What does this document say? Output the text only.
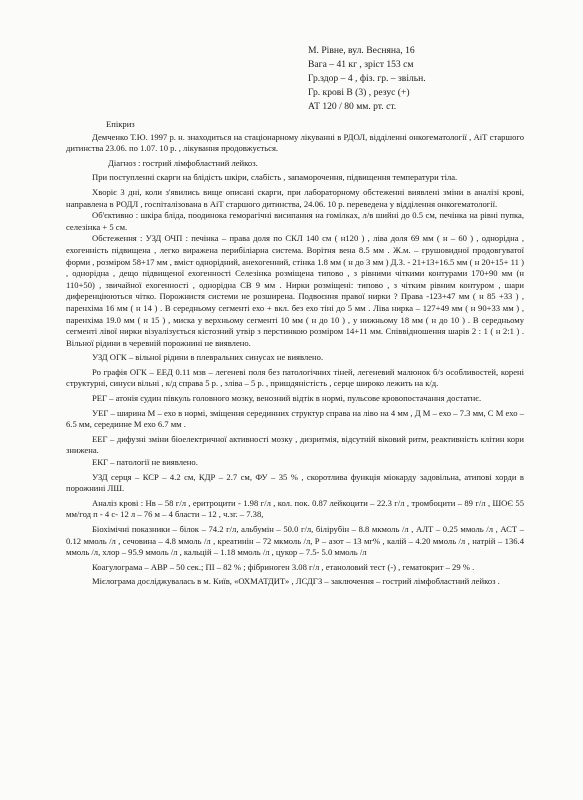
М. Рівне, вул. Весняна, 16
Вага – 41 кг , зріст 153 см
Гр.здор – 4 , фіз. гр. – звільн.
Гр. крові В (3) , резус (+)
АТ 120 / 80 мм. рт. ст.

Епікриз

Демченко Т.Ю. 1997 р. н. знаходиться на стаціонарному лікуванні в РДОЛ, відділенні онкогематології , АіТ старшого дитинства 23.06. по 1.07. 10 р. , лікування продовжується.

Діагноз : гострий лімфобластний лейкоз.

При поступленні скарги на блідість шкіри, слабість , запаморочення, підвищення температури тіла.

Хворіє 3 дні, коли з'явились вище описані скарги, при лабораторному обстеженні виявлені зміни в аналізі крові, направлена в РОДЛ , госпіталізована в АіТ старшого дитинства, 24.06. 10 р. переведена у відділення онкогематології.

Об'єктивно : шкіра бліда, поодинока геморагічні висипання на гомілках, л/в шийні до 0.5 см, печінка на рівні пупка, селезінка + 5 см.

Обстеження : УЗД ОЧП : печінка – права доля по СКЛ 140 см ( н120 ) , ліва доля 69 мм ( н – 60 ) , однорідна , ехогенність підвищена , легко виражена перибіліарна система. Ворітня вена 8.5 мм . Ж.м. – грушовидної продовгуватої форми , розміром 58+17 мм , вміст однорідний, анехогенний, стінка 1.8 мм ( н до 3 мм ) Д.З. - 21+13+16.5 мм ( н 20+15+ 11 ) , однорідна , дещо підвищеної ехогенності Селезінка розміщена типово , з рівними чіткими контурами 170+90 мм (н 110+50) , звичайної ехогенності , однорідна СВ 9 мм . Нирки розміщені: типово , з чітким рівним контуром , шари диференціюються чітко. Порожнистя системи не розширена. Подвоєння правої нирки ? Права -123+47 мм ( н 85 +33 ) , паренхіма 16 мм ( н 14 ) . В середньому сегменті ехо + вкл. без ехо тіні до 5 мм . Ліва нирка – 127+49 мм ( н 90+33 мм ) , паренхіма 19.0 мм ( н 15 ) , миска у верхньому сегменті 10 мм ( н до 10 ) , у нижньому 18 мм ( н до 10 ) . В середньому сегменті лівої нирки візуалізується кістозний утвір з перстинкою розміром 14+11 мм. Співвідношення шарів 2 : 1 ( н 2:1 ) . Вільної рідини в черевній порожнині не виявлено.

УЗД ОГК – вільної рідини в плевральних синусах не виявлено.

Ро графія ОГК – ЕЕД 0.11 мзв – легеневі поля без патологічних тіней, легеневий малюнок б/з особливостей, корені структурні, синуси вільні , к/д справа 5 р. , зліва – 5 р. , пришдяністість , серце широко лежить на к/д.

РЕГ – атонія судин півкуль головного мозку, венозний відтік в нормі, пульсове кровопостачання достатнє.

УЕГ – ширина М – ехо в нормі, зміщення серединних структур справа на ліво на 4 мм , Д М – ехо – 7.3 мм, С М ехо – 6.5 мм, серединне М ехо 6.7 мм .

ЕЕГ – дифузні зміни біоелектричної активності мозку , дизритмія, відсутній віковий ритм, реактивність клітин кори знижена.

ЕКГ – патології не виявлено.

УЗД серця – КСР – 4.2 см, КДР – 2.7 см, ФУ – 35 % , скоротлива функція міокарду задовільна, атипові хорди в порожнині ЛШ.

Аналіз крові : Нв – 58 г/л , еритроцити - 1.98 г/л , кол. пок. 0.87 лейкоцити – 22.3 г/л , тромбоцити – 89 г/л , ШОЄ 55 мм/год п - 4 с- 12 л – 76 м – 4 бласти – 12 , ч.зг. – 7.38,

Біохімічні показники – білок – 74.2 г/л, альбумін – 50.0 г/л, білірубін – 8.8 мкмоль /л , АЛТ – 0.25 ммоль /л , АСТ – 0.12 ммоль /л , сечовина – 4.8 ммоль /л , креатинін – 72 мкмоль /л, Р – азот – 13 мг% , калій – 4.20 ммоль /л , натрій – 136.4 ммоль /л, хлор – 95.9 ммоль /л , кальцій – 1.18 ммоль /л , цукор – 7.5- 5.0 ммоль /л

Коагулограма – АВР – 50 сек.; ПІ – 82 % ; фібриноген 3.08 г/л , етаноловий тест (-) , гематокрит – 29 % .

Мієлограма досліджувалась в м. Київ, «ОХМАТДИТ» , ЛСДГЗ – заключення – гострий лімфобластний лейкоз .
